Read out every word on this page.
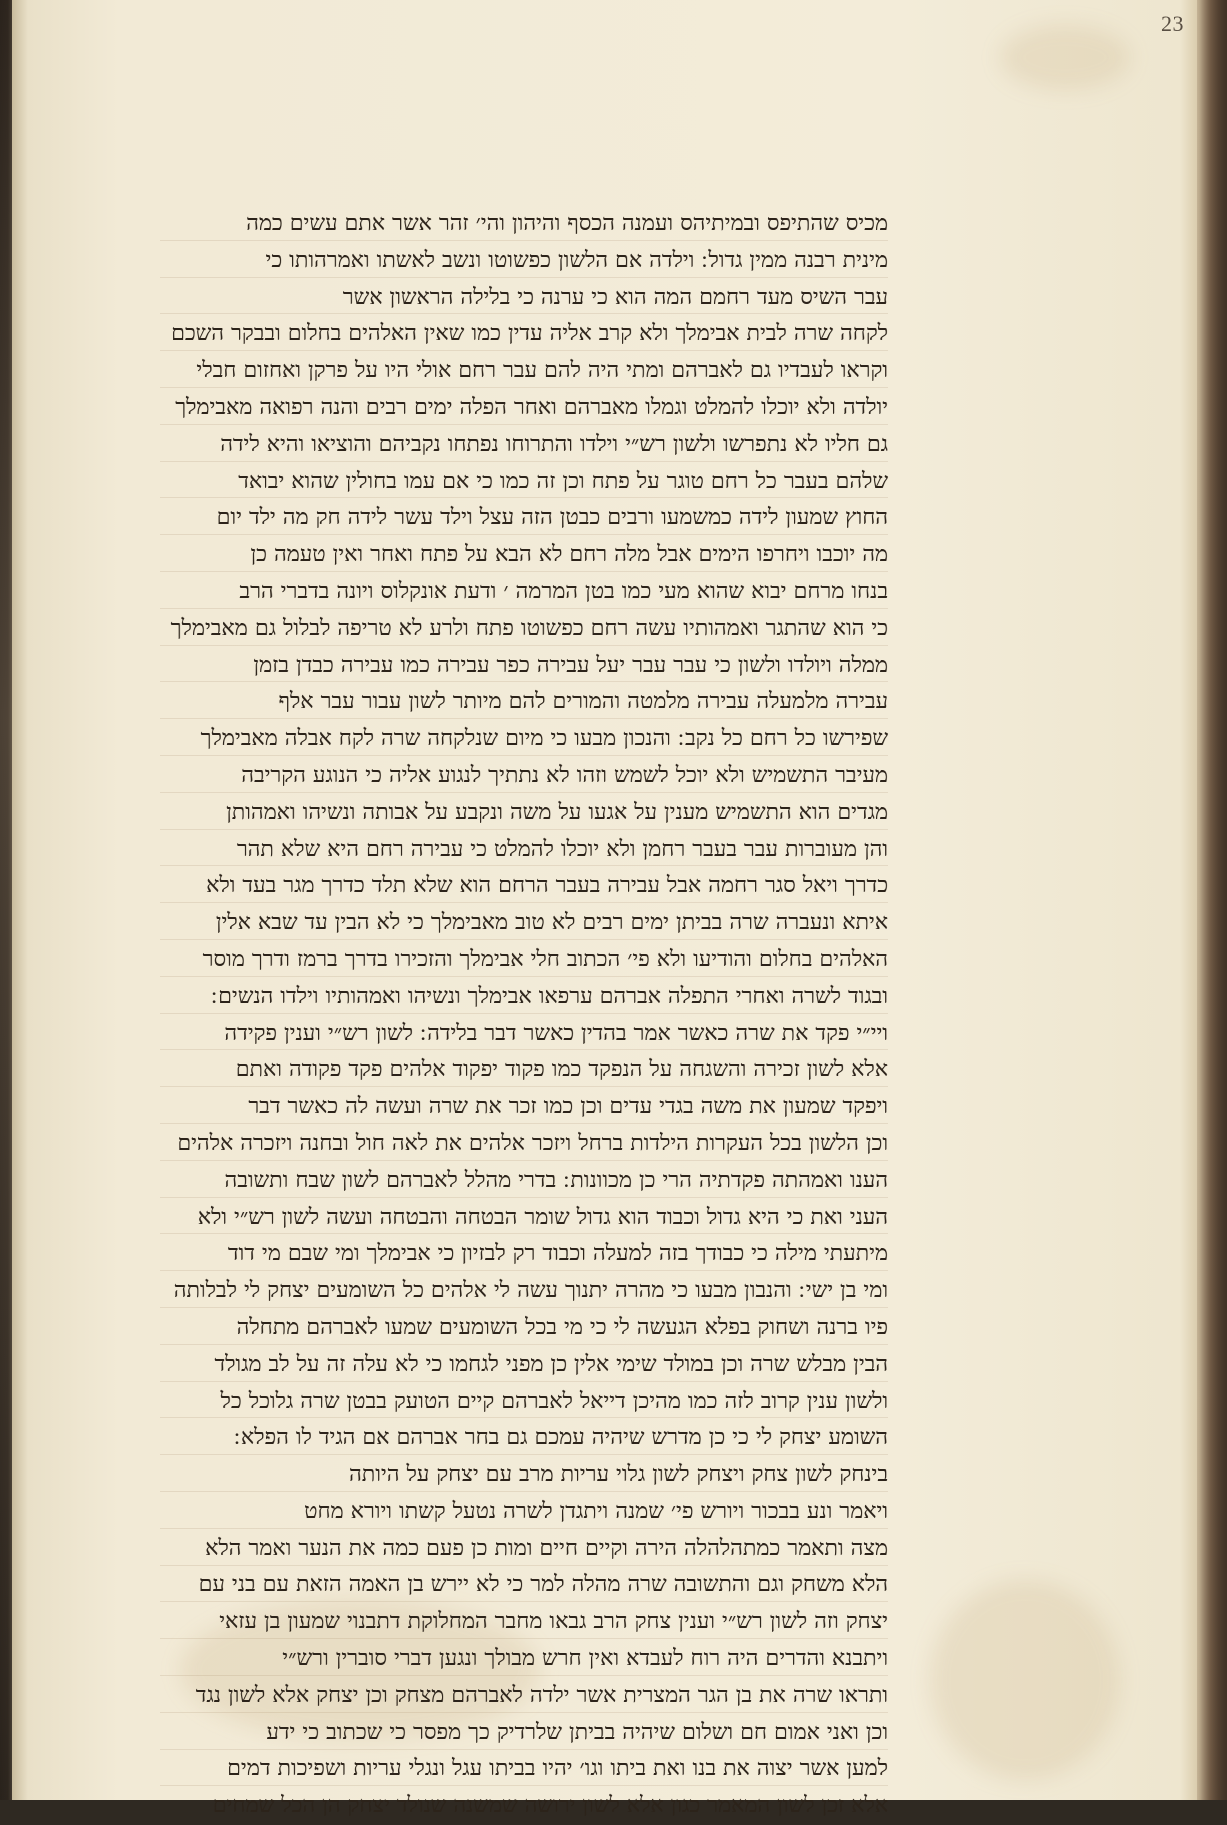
23
מכיס שהתיפס ובמיתיהס ועמנה הכסף והיהון והי׳ זהר אשר אתם עשים כמה
מינית רבנה ממין גדול ׃ וילדה אם הלשון כפשוטו ונשב לאשתו ואמרהותו כי
עבר השיס מעד רחמם המה הוא כי ערנה כי בלילה הראשון אשר
לקחה שרה לבית אבימלך ולא קרב אליה עדין כמו שאין האלהים בחלום ובבקר השכם
וקראו לעבדיו גם לאברהם ומתי היה להם עבר רחם אולי היו על פרקן ואחזום חבלי
יולדה ולא יוכלו להמלט וגמלו מאברהם ואחר הפלה ימים רבים והנה רפואה מאבימלך
גם חליו לא נתפרשו ולשון רש״י וילדו והתרוחו נפתחו נקביהם והוציאו והיא לידה
שלהם בעבר כל רחם טוגר על פתח וכן זה כמו כי אם עמו בחולין שהוא יבואד
החוץ שמעון לידה כמשמעו ורבים כבטן הזה עצל וילד עשר לידה חק מה ילד יום
מה יוכבו ויחרפו הימים אבל מלה רחם לא הבא על פתח ואחר ואין טעמה כן
בנחו מרחם יבוא שהוא מעי כמו בטן המרמה ׳ ודעת אונקלוס ויונה בדברי הרב
כי הוא שהתגר ואמהותיו עשה רחם כפשוטו פתח ולרע לא טריפה לבלול גם מאבימלך
ממלה ויולדו ולשון כי עבר עבר יעל עבירה כפר עבירה כמו עבירה כבדן בזמן
עבירה מלמעלה עבירה מלמטה והמורים להם מיותר לשון עבור עבר אלף
שפירשו כל רחם כל נקב ׃ והנכון מבעו כי מיום שנלקחה שרה לקח אבלה מאבימלך
מעיבר התשמיש ולא יוכל לשמש וזהו לא נתתיך לנגוע אליה כי הנוגע הקריבה
מגדים הוא התשמיש מענין על אגעו על משה ונקבע על אבותה ונשיהו ואמהותן
והן מעוברות עבר בעבר רחמן ולא יוכלו להמלט כי עבירה רחם היא שלא תהר
כדרך ויאל סגר רחמה אבל עבירה בעבר הרחם הוא שלא תלד כדרך מגר בעד ולא
איתא ונעברה שרה בביתן ימים רבים לא טוב מאבימלך כי לא הבין עד שבא אלין
האלהים בחלום והודיעו ולא פי׳ הכתוב חלי אבימלך והזכירו בדרך ברמז ודרך מוסר
ובגוד לשרה ואחרי התפלה אברהם ערפאו אבימלך ונשיהו ואמהותיו וילדו הנשים ׃
ויי״י פקד את שרה כאשר אמר בהדין כאשר דבר בלידה ׃ לשון רש״י וענין פקידה
אלא לשון זכירה והשגחה על הנפקד כמו פקוד יפקוד אלהים פקד פקודה ואתם
ויפקד שמעון את משה בגדי עדים וכן כמו זכר את שרה ועשה לה כאשר דבר
וכן הלשון בכל העקרות הילדות ברחל ויזכר אלהים את לאה חול ובחנה ויזכרה אלהים
הענו ואמהתה פקדתיה הרי כן מכוונות ׃ בדרי מהלל לאברהם לשון שבח ותשובה
העני ואת כי היא גדול וכבוד הוא גדול שומר הבטחה והבטחה ועשה לשון רש״י ולא
מיתעתי מילה כי כבודך בזה למעלה וכבוד רק לבזיון כי אבימלך ומי שבם מי דוד
ומי בן ישי ׃ והנבון מבעו כי מהרה יתנוך עשה לי אלהים כל השומעים יצחק לי לבלותה
פיו ברנה ושחוק בפלא הגעשה לי כי מי בכל השומעים שמעו לאברהם מתחלה
הבין מבלש שרה וכן במולד שימי אלין כן מפני לגחמו כי לא עלה זה על לב מגולד
ולשון ענין קרוב לזה כמו מהיכן דייאל לאברהם קיים הטועק בבטן שרה גלוכל כל
השומע יצחק לי כי כן מדרש שיהיה עמכם גם בחר אברהם אם הגיד לו הפלא ׃
בינחק לשון צחק ויצחק לשון גלוי עריות מרב עם יצחק על היותה
ויאמר ונע בבכור ויורש פי׳ שמנה ויתגדן לשרה נטעל קשתו ויורא מחט
מצה ותאמר כמתהלהלה הירה וקיים חיים ומות כן פעם כמה את הנער ואמר הלא
הלא משחק וגם והתשובה שרה מהלה למר כי לא יירש בן האמה הזאת עם בני עם
יצחק וזה לשון רש״י וענין צחק הרב גבאו מחבר המחלוקת דתבנוי שמעון בן עזאי
ויתבנא והדרים היה רוח לעבדא ואין חרש מבולך ונגען דברי סוברין ורש״י
ותראו שרה את בן הגר המצרית אשר ילדה לאברהם מצחק וכן יצחק אלא לשון נגד
וכן ואני אמום חם ושלום שיהיה בביתן שלרדיק כך מפסר כי שכתוב כי ידע
למען אשר יצוה את בנו ואת ביתו וגו׳ יהיו בביתו עגל ונגלי עריות ושפיכות דמים
אלא זכן לשון המאמר כגון אלא לשון ירושה שמשנה שנולד יצחק הן הכל שמחים
